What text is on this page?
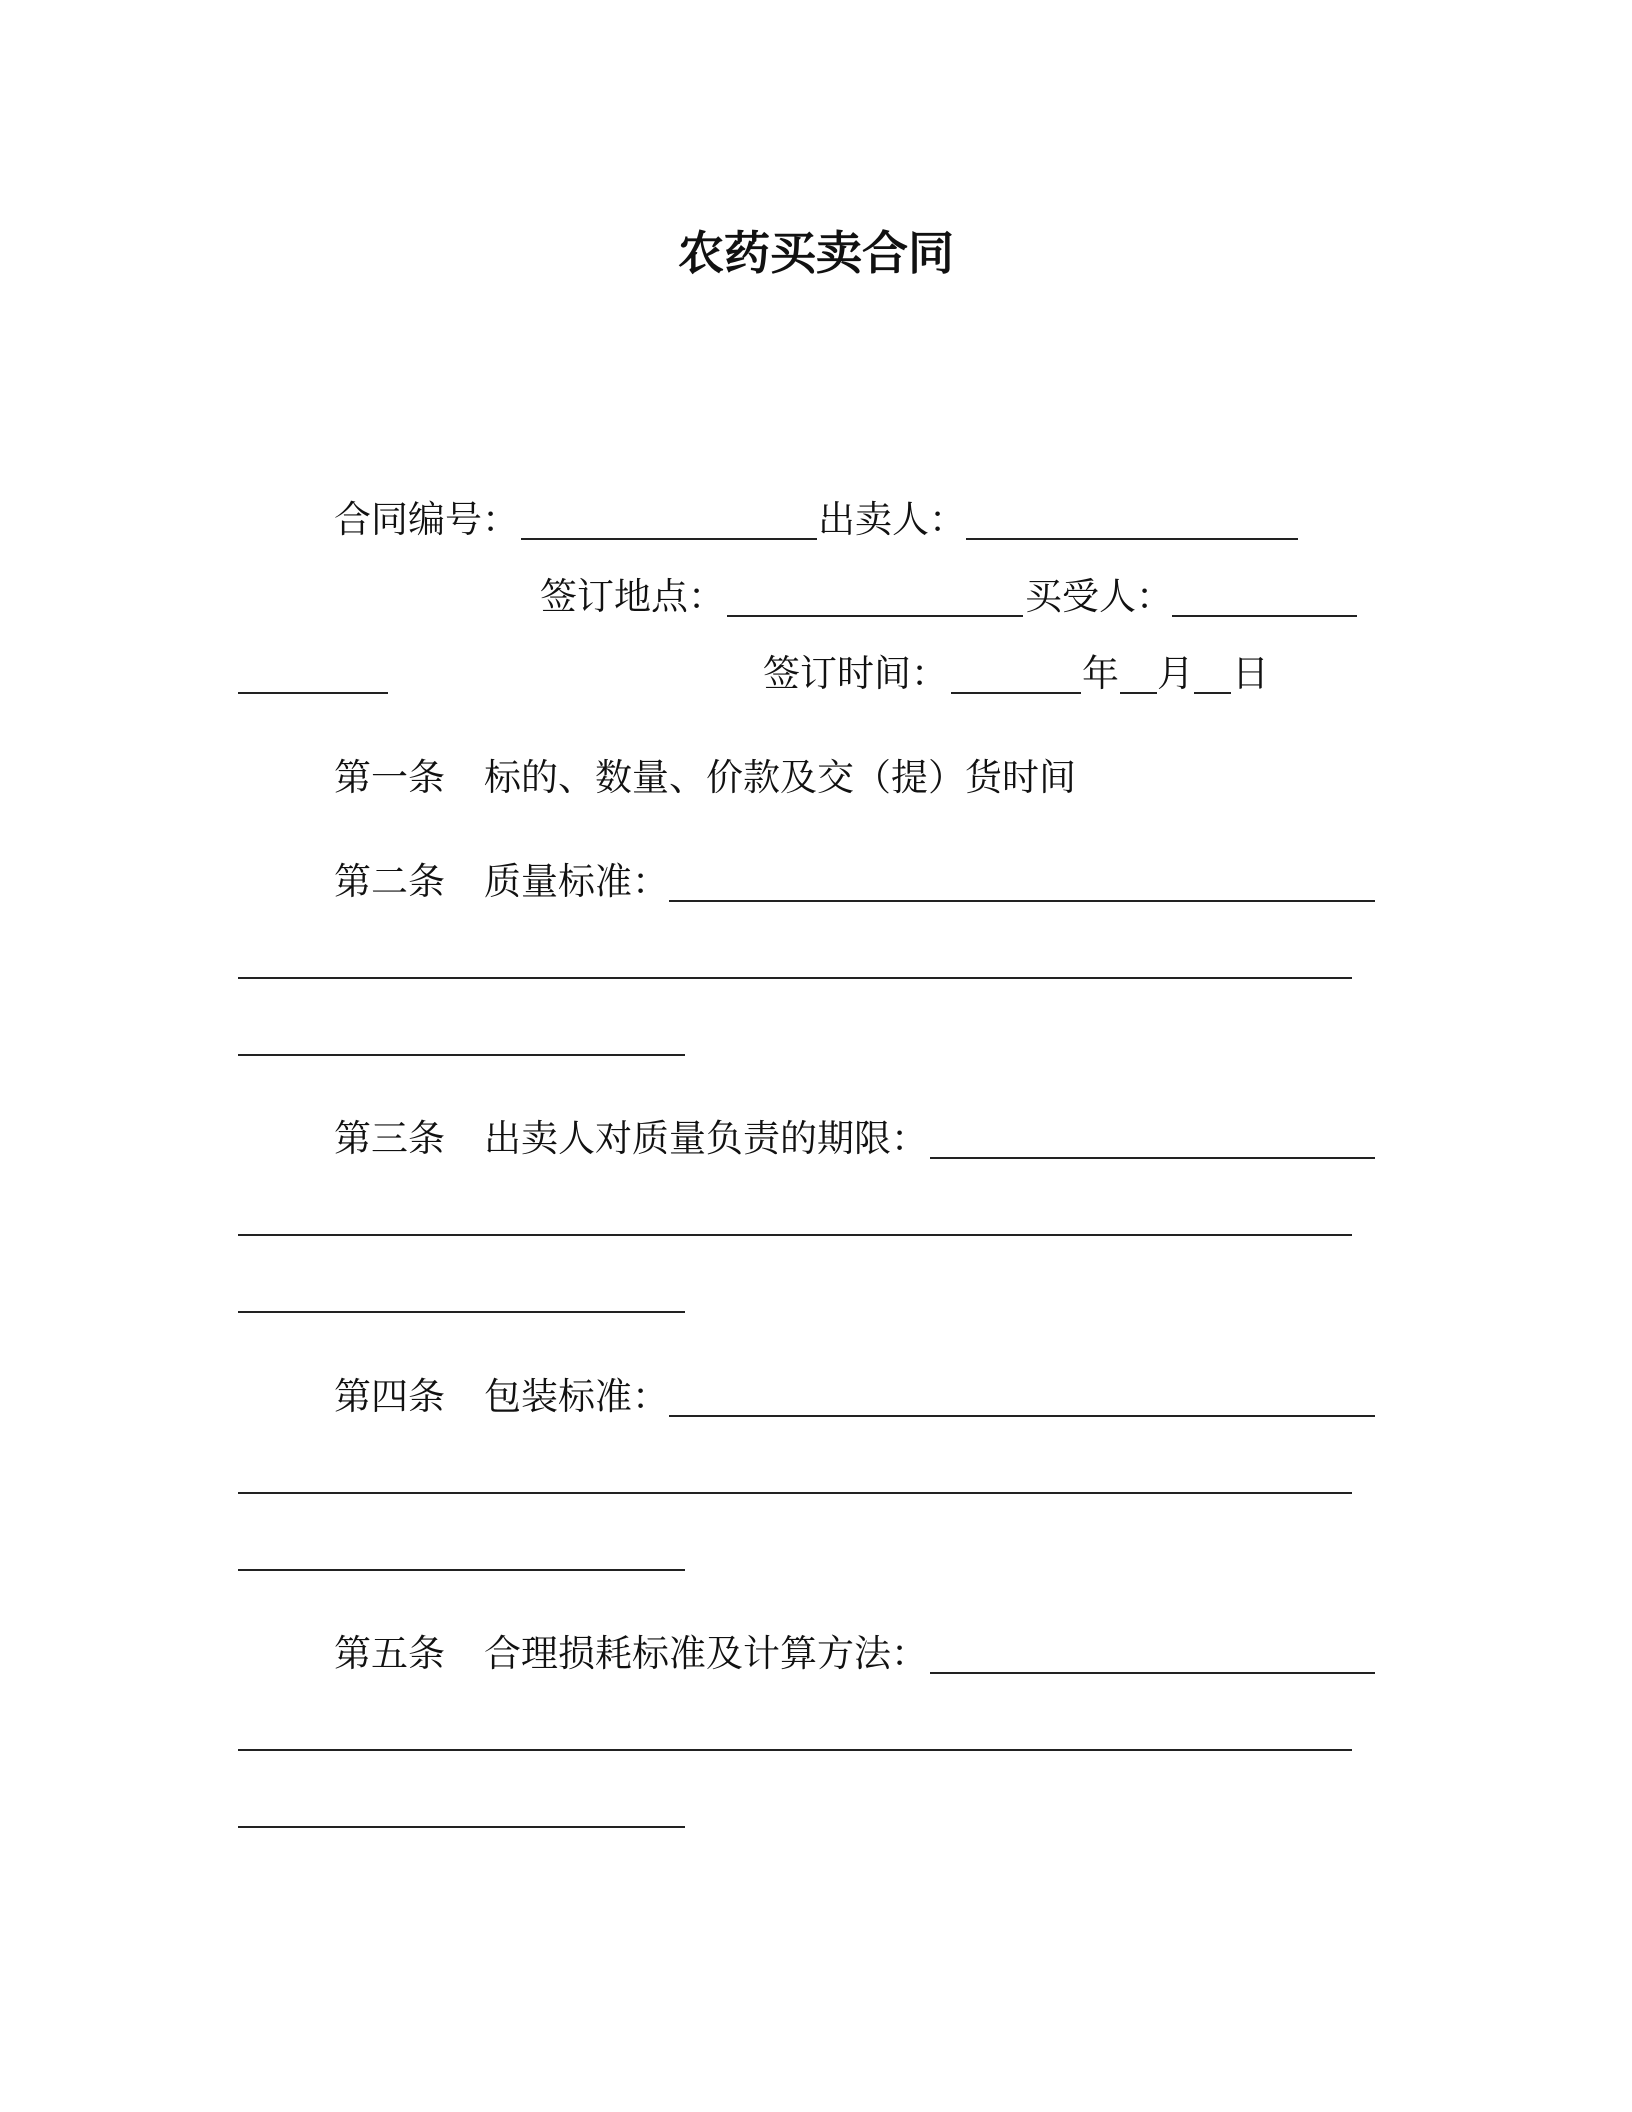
农药买卖合同
合同编号：	出卖人：
签订地点：	买受人：
签订时间：	年 月 日
第一条 标的、数量、价款及交（提）货时间
第二条 质量标准：
第三条 出卖人对质量负责的期限：
第四条 包装标准：
第五条 合理损耗标准及计算方法：
